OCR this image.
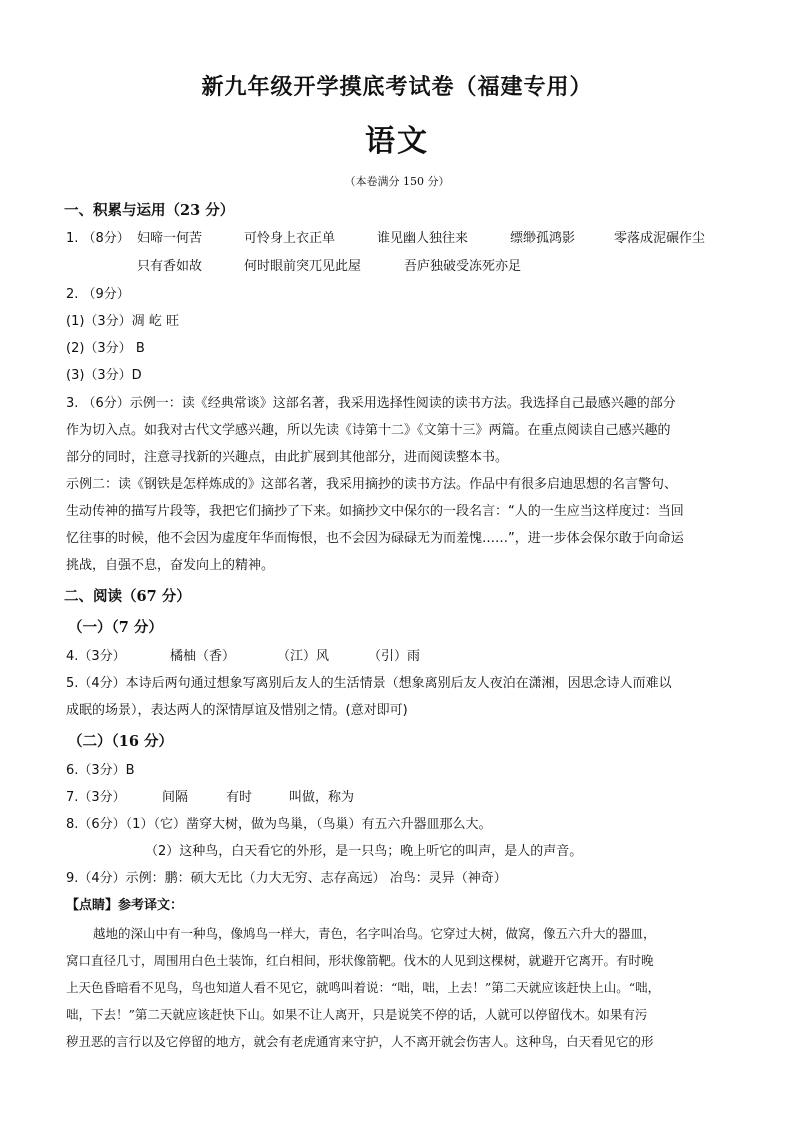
新九年级开学摸底考试卷（福建专用）
语文
（本卷满分 150 分）
一、积累与运用（23 分）
1. （8分） 妇啼一何苦	可怜身上衣正单	谁见幽人独往来	缥缈孤鸿影	零落成泥碾作尘
只有香如故	何时眼前突兀见此屋	吾庐独破受冻死亦足
2. （9分）
(1)（3分）凋 屹 旺
(2)（3分） B
(3)（3分）D
3. （6分）示例一：读《经典常谈》这部名著，我采用选择性阅读的读书方法。我选择自己最感兴趣的部分
作为切入点。如我对古代文学感兴趣，所以先读《诗第十二》《文第十三》两篇。在重点阅读自己感兴趣的
部分的同时，注意寻找新的兴趣点，由此扩展到其他部分，进而阅读整本书。
示例二：读《钢铁是怎样炼成的》这部名著，我采用摘抄的读书方法。作品中有很多启迪思想的名言警句、
生动传神的描写片段等，我把它们摘抄了下来。如摘抄文中保尔的一段名言：“人的一生应当这样度过：当回
忆往事的时候，他不会因为虚度年华而悔恨，也不会因为碌碌无为而羞愧……”，进一步体会保尔敢于向命运
挑战，自强不息，奋发向上的精神。
二、阅读（67 分）
（一）（7 分）
4.（3分）	橘柚（香）	（江）风	（引）雨
5.（4分）本诗后两句通过想象写离别后友人的生活情景（想象离别后友人夜泊在潇湘，因思念诗人而难以
成眠的场景），表达两人的深情厚谊及惜别之情。(意对即可)
（二）（16 分）
6.（3分）B
7.（3分）	间隔	有时	叫做，称为
8.（6分）（1）（它）凿穿大树，做为鸟巢，（鸟巢）有五六升器皿那么大。
（2）这种鸟，白天看它的外形，是一只鸟；晚上听它的叫声，是人的声音。
9.（4分）示例：鹏：硕大无比（力大无穷、志存高远） 冶鸟：灵异（神奇）
【点睛】参考译文：
越地的深山中有一种鸟，像鸠鸟一样大，青色，名字叫冶鸟。它穿过大树，做窝，像五六升大的器皿，
窝口直径几寸，周围用白色土装饰，红白相间，形状像箭靶。伐木的人见到这棵树，就避开它离开。有时晚
上天色昏暗看不见鸟，鸟也知道人看不见它，就鸣叫着说：“咄，咄，上去！”第二天就应该赶快上山。“咄，
咄，下去！”第二天就应该赶快下山。如果不让人离开，只是说笑不停的话，人就可以停留伐木。如果有污
秽丑恶的言行以及它停留的地方，就会有老虎通宵来守护，人不离开就会伤害人。这种鸟，白天看见它的形
